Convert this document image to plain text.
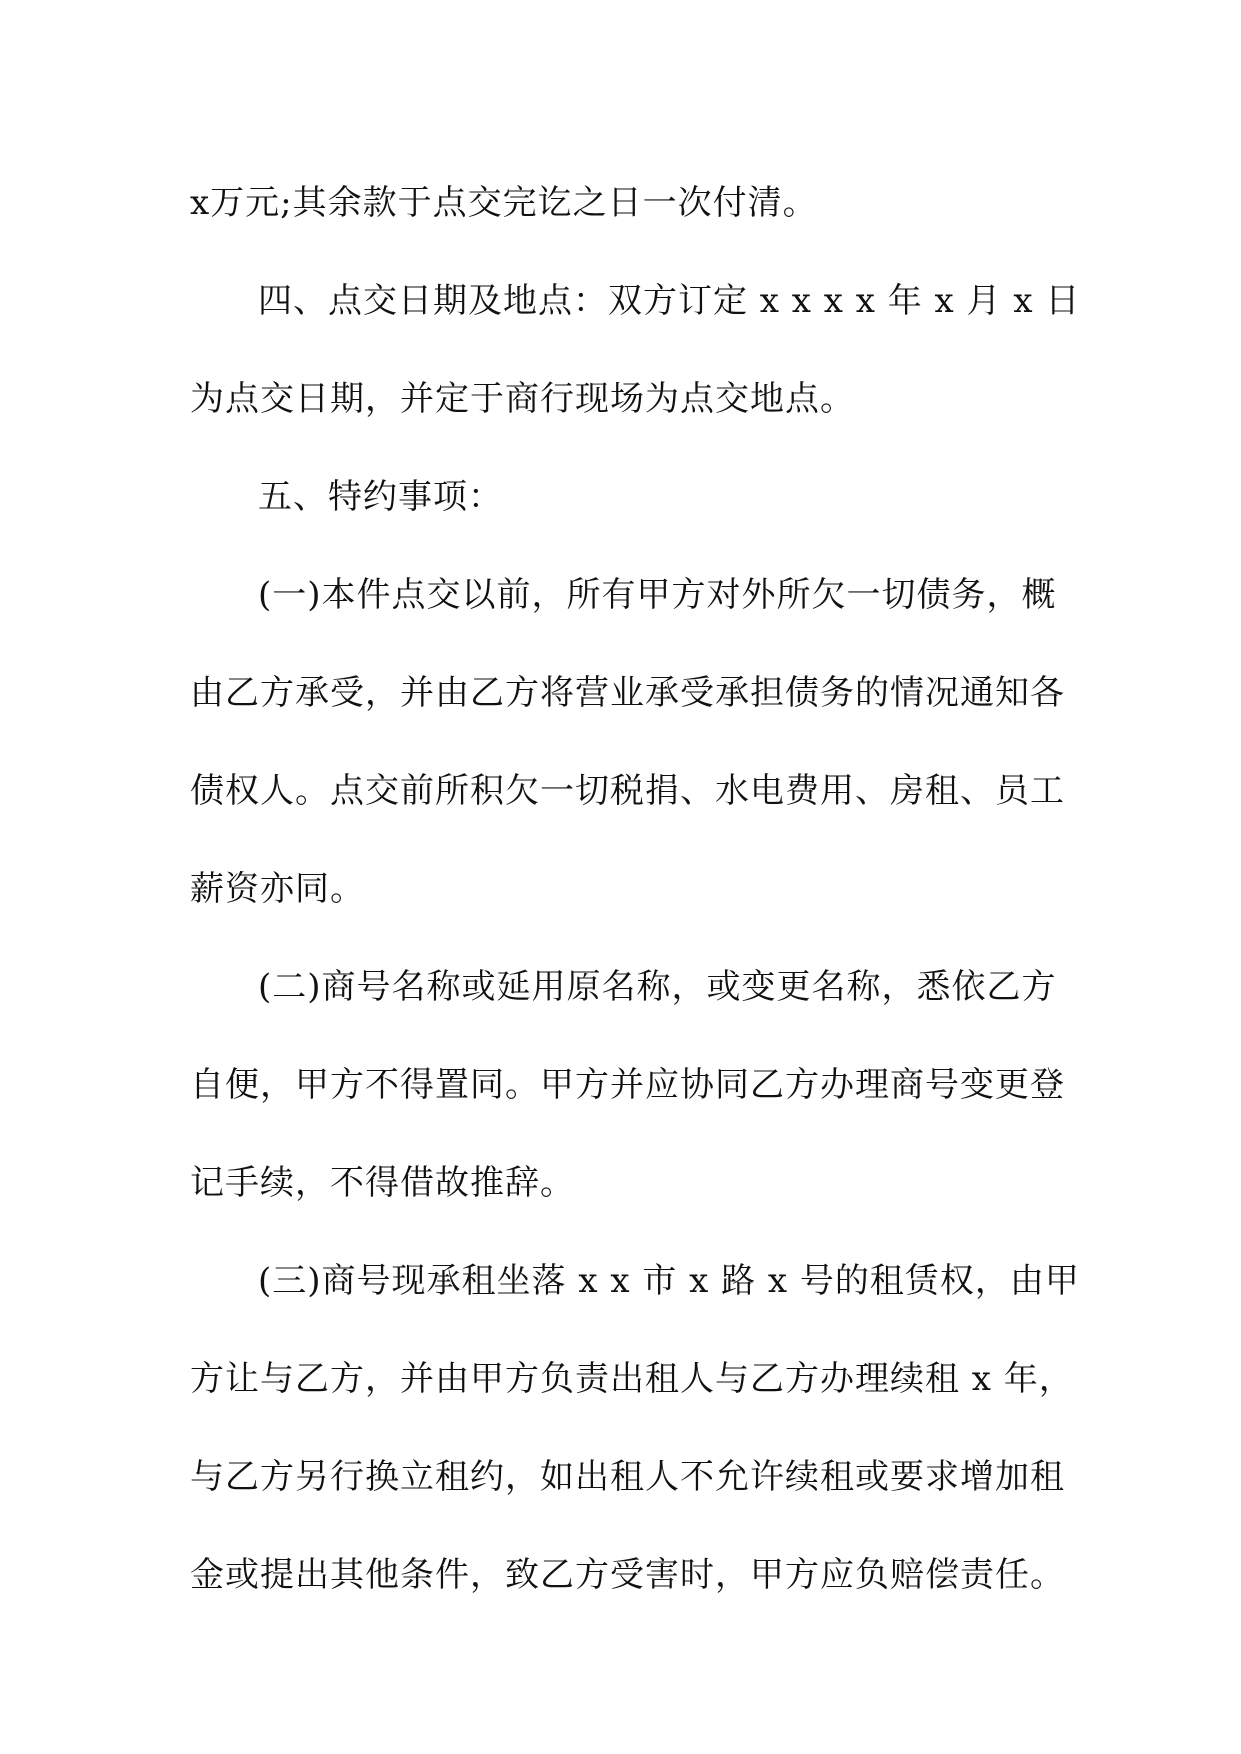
x万元;其余款于点交完讫之日一次付清。
四、点交日期及地点：双方订定 x x x x 年 x 月 x 日
为点交日期，并定于商行现场为点交地点。
五、特约事项：
(一)本件点交以前，所有甲方对外所欠一切债务，概
由乙方承受，并由乙方将营业承受承担债务的情况通知各
债权人。点交前所积欠一切税捐、水电费用、房租、员工
薪资亦同。
(二)商号名称或延用原名称，或变更名称，悉依乙方
自便，甲方不得置同。甲方并应协同乙方办理商号变更登
记手续，不得借故推辞。
(三)商号现承租坐落 x x 市 x 路 x 号的租赁权，由甲
方让与乙方，并由甲方负责出租人与乙方办理续租 x 年，
与乙方另行换立租约，如出租人不允许续租或要求增加租
金或提出其他条件，致乙方受害时，甲方应负赔偿责任。
